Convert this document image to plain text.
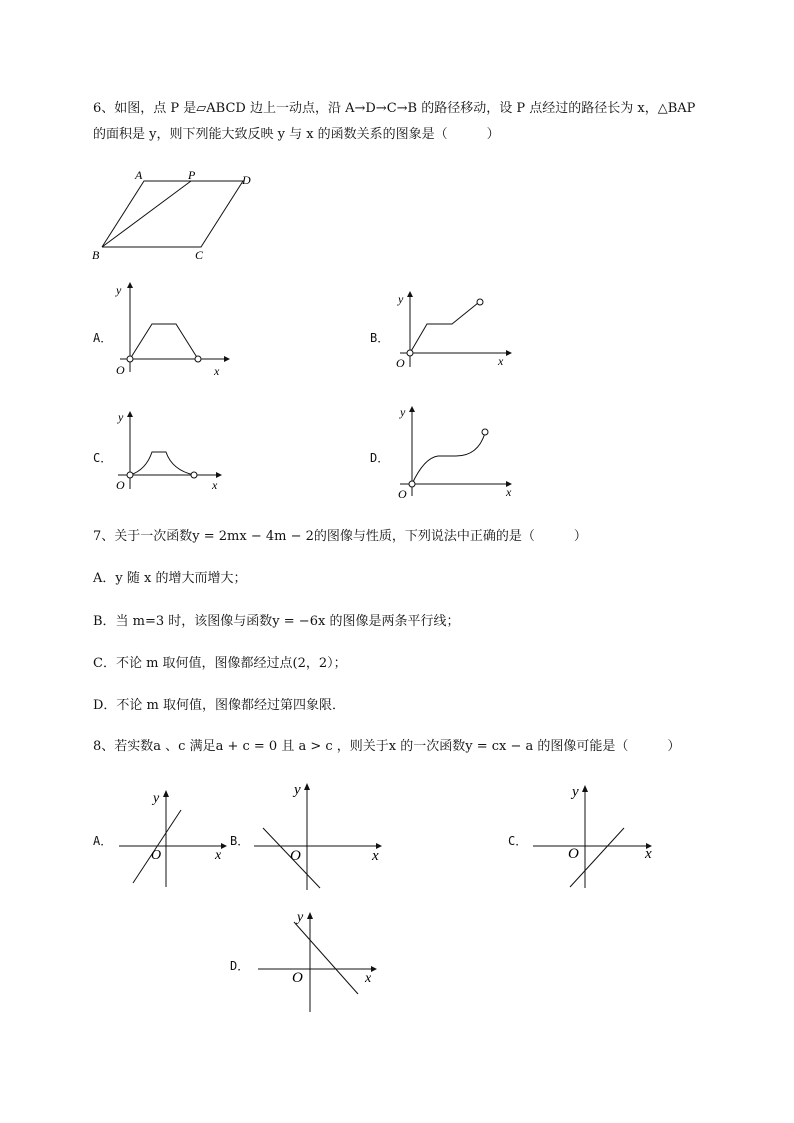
6、如图，点 P 是▱ABCD 边上一动点，沿 A→D→C→B 的路径移动，设 P 点经过的路径长为 x，△BAP
的面积是 y，则下列能大致反映 y 与 x 的函数关系的图象是（　　　）
A	P	D
B	C
A．
y
O	x
B．
y
O	x
C．
y
O	x
D．
y
O	x
7、关于一次函数y = 2mx − 4m − 2的图像与性质，下列说法中正确的是（　　　）
A．y 随 x 的增大而增大；
B．当 m=3 时，该图像与函数y = −6x 的图像是两条平行线；
C．不论 m 取何值，图像都经过点(2，2）；
D．不论 m 取何值，图像都经过第四象限．
8、若实数a 、c 满足a + c = 0 且 a > c ，则关于x 的一次函数y = cx − a 的图像可能是（　　　）
A．
y
O	x
B．
y
O	x
C．
y
O	x
D．
y
O	x
